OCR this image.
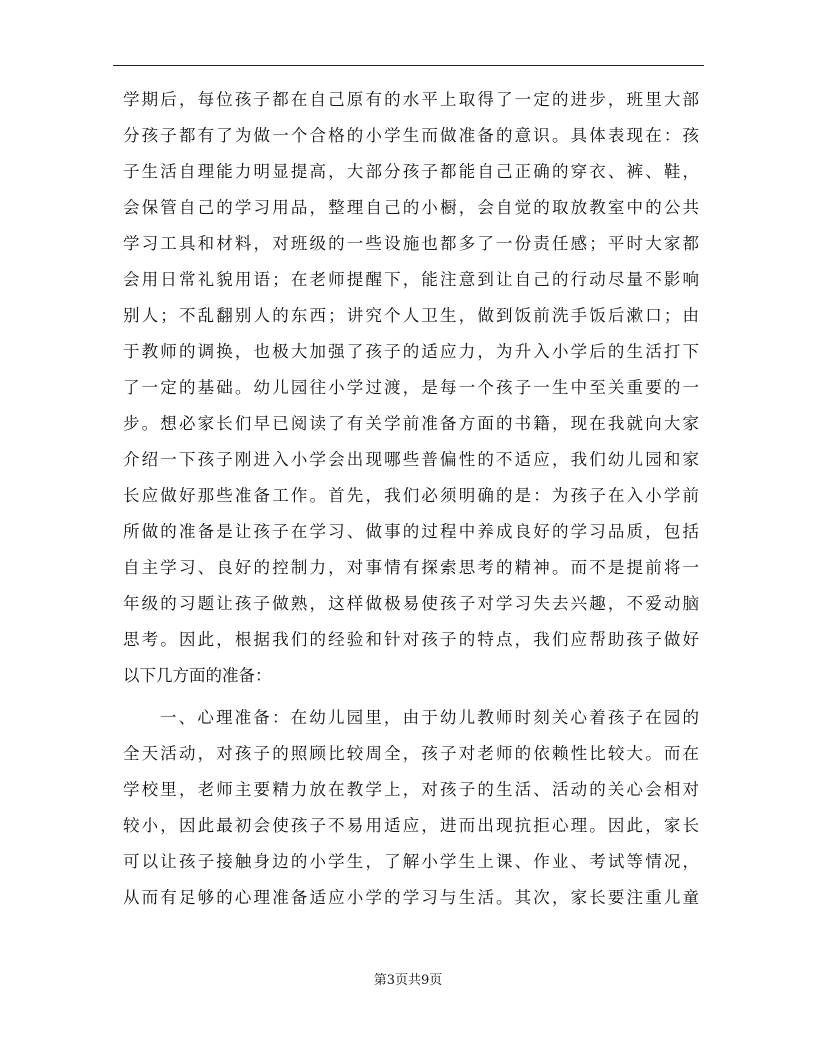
学期后，每位孩子都在自己原有的水平上取得了一定的进步，班里大部
分孩子都有了为做一个合格的小学生而做准备的意识。具体表现在：孩
子生活自理能力明显提高，大部分孩子都能自己正确的穿衣、裤、鞋，
会保管自己的学习用品，整理自己的小橱，会自觉的取放教室中的公共
学习工具和材料，对班级的一些设施也都多了一份责任感；平时大家都
会用日常礼貌用语；在老师提醒下，能注意到让自己的行动尽量不影响
别人；不乱翻别人的东西；讲究个人卫生，做到饭前洗手饭后漱口；由
于教师的调换，也极大加强了孩子的适应力，为升入小学后的生活打下
了一定的基础。幼儿园往小学过渡，是每一个孩子一生中至关重要的一
步。想必家长们早已阅读了有关学前准备方面的书籍，现在我就向大家
介绍一下孩子刚进入小学会出现哪些普偏性的不适应，我们幼儿园和家
长应做好那些准备工作。首先，我们必须明确的是：为孩子在入小学前
所做的准备是让孩子在学习、做事的过程中养成良好的学习品质，包括
自主学习、良好的控制力，对事情有探索思考的精神。而不是提前将一
年级的习题让孩子做熟，这样做极易使孩子对学习失去兴趣，不爱动脑
思考。因此，根据我们的经验和针对孩子的特点，我们应帮助孩子做好
以下几方面的准备：
一、心理准备：在幼儿园里，由于幼儿教师时刻关心着孩子在园的
全天活动，对孩子的照顾比较周全，孩子对老师的依赖性比较大。而在
学校里，老师主要精力放在教学上，对孩子的生活、活动的关心会相对
较小，因此最初会使孩子不易用适应，进而出现抗拒心理。因此，家长
可以让孩子接触身边的小学生，了解小学生上课、作业、考试等情况，
从而有足够的心理准备适应小学的学习与生活。其次，家长要注重儿童
第3页共9页
